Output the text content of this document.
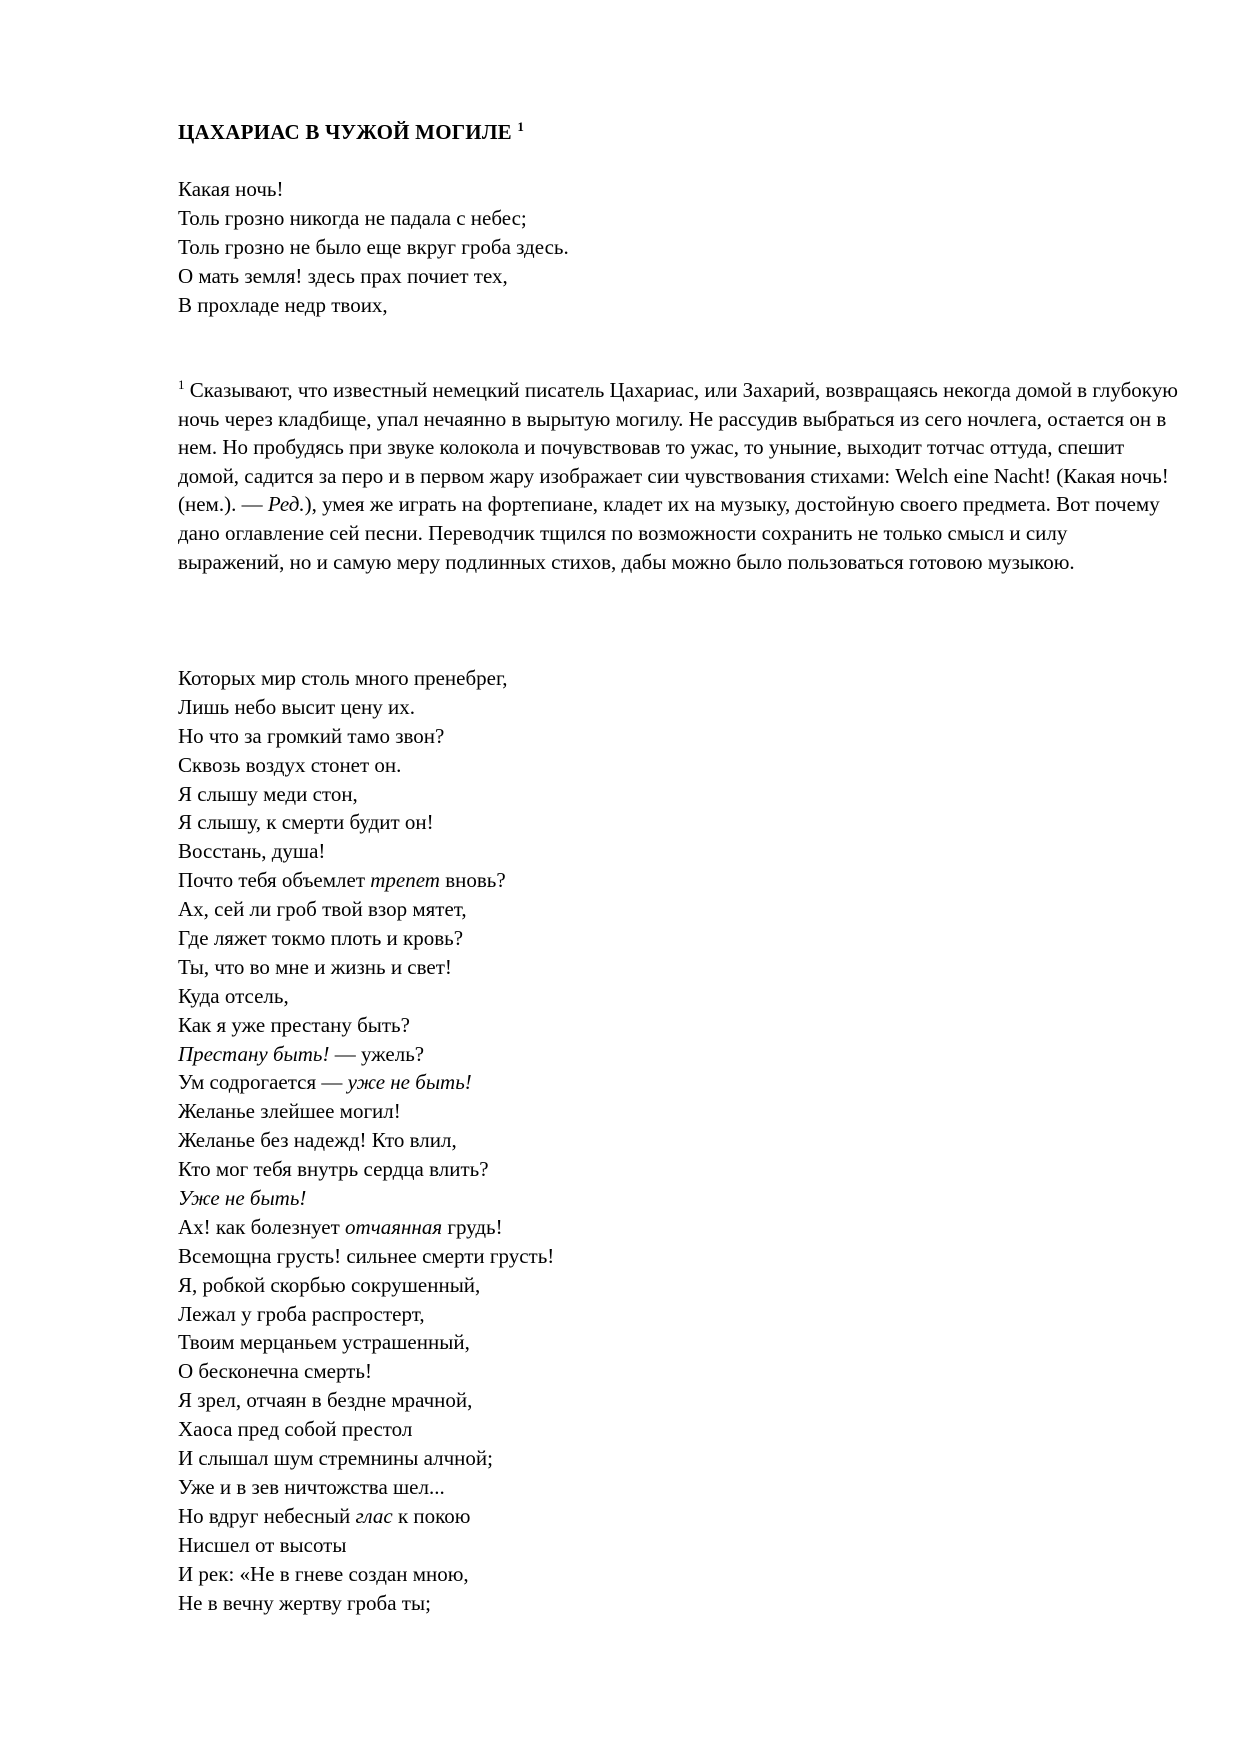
ЦАХАРИАС В ЧУЖОЙ МОГИЛЕ $^1$
Какая ночь!
Толь грозно никогда не падала с небес;
Толь грозно не было еще вкруг гроба здесь.
О мать земля! здесь прах почиет тех,
В прохладе недр твоих,
$^1$ Сказывают, что известный немецкий писатель Цахариас, или Захарий, возвращаясь некогда домой в глубокую ночь через кладбище, упал нечаянно в вырытую могилу. Не рассудив выбраться из сего ночлега, остается он в нем. Но пробудясь при звуке колокола и почувствовав то ужас, то уныние, выходит тотчас оттуда, спешит домой, садится за перо и в первом жару изображает сии чувствования стихами: Welch eine Nacht! (Какая ночь! (нем.). — Ред.), умея же играть на фортепиане, кладет их на музыку, достойную своего предмета. Вот почему дано оглавление сей песни. Переводчик тщился по возможности сохранить не только смысл и силу выражений, но и самую меру подлинных стихов, дабы можно было пользоваться готовою музыкою.
Которых мир столь много пренебрег,
Лишь небо высит цену их.
Но что за громкий тамо звон?
Сквозь воздух стонет он.
Я слышу меди стон,
Я слышу, к смерти будит он!
Восстань, душа!
Почто тебя объемлет трепет вновь?
Ах, сей ли гроб твой взор мятет,
Где ляжет токмо плоть и кровь?
Ты, что во мне и жизнь и свет!
Куда отсель,
Как я уже престану быть?
Престану быть! — ужель?
Ум содрогается — уже не быть!
Желанье злейшее могил!
Желанье без надежд! Кто влил,
Кто мог тебя внутрь сердца влить?
Уже не быть!
Ах! как болезнует отчаянная грудь!
Всемощна грусть! сильнее смерти грусть!
Я, робкой скорбью сокрушенный,
Лежал у гроба распростерт,
Твоим мерцаньем устрашенный,
О бесконечна смерть!
Я зрел, отчаян в бездне мрачной,
Хаоса пред собой престол
И слышал шум стремнины алчной;
Уже и в зев ничтожства шел...
Но вдруг небесный глас к покою
Нисшел от высоты
И рек: «Не в гневе создан мною,
Не в вечну жертву гроба ты;
